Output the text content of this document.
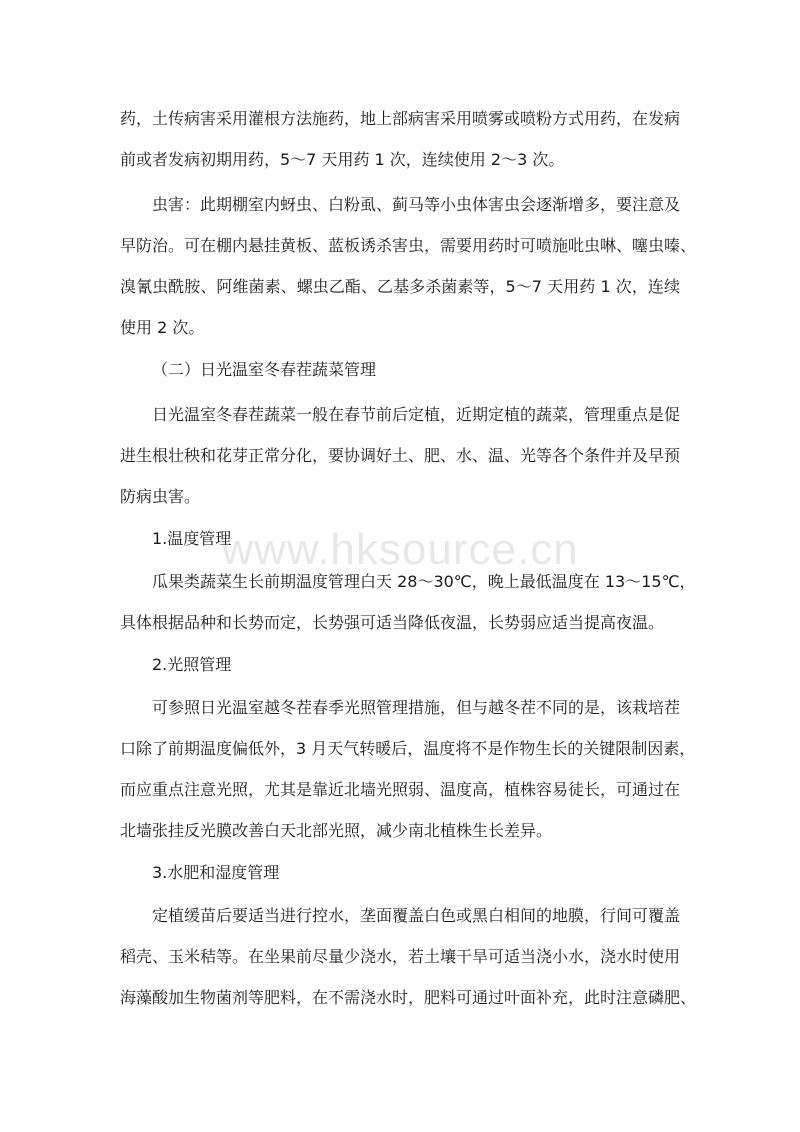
www.hksource.cn
药，土传病害采用灌根方法施药，地上部病害采用喷雾或喷粉方式用药，在发病
前或者发病初期用药，5～7 天用药 1 次，连续使用 2～3 次。
虫害：此期棚室内蚜虫、白粉虱、蓟马等小虫体害虫会逐渐增多，要注意及
早防治。可在棚内悬挂黄板、蓝板诱杀害虫，需要用药时可喷施吡虫啉、噻虫嗪、
溴氰虫酰胺、阿维菌素、螺虫乙酯、乙基多杀菌素等，5～7 天用药 1 次，连续
使用 2 次。
（二）日光温室冬春茬蔬菜管理
日光温室冬春茬蔬菜一般在春节前后定植，近期定植的蔬菜，管理重点是促
进生根壮秧和花芽正常分化，要协调好土、肥、水、温、光等各个条件并及早预
防病虫害。
1.温度管理
瓜果类蔬菜生长前期温度管理白天 28～30℃，晚上最低温度在 13～15℃，
具体根据品种和长势而定，长势强可适当降低夜温，长势弱应适当提高夜温。
2.光照管理
可参照日光温室越冬茬春季光照管理措施，但与越冬茬不同的是，该栽培茬
口除了前期温度偏低外，3 月天气转暖后，温度将不是作物生长的关键限制因素，
而应重点注意光照，尤其是靠近北墙光照弱、温度高，植株容易徒长，可通过在
北墙张挂反光膜改善白天北部光照，减少南北植株生长差异。
3.水肥和湿度管理
定植缓苗后要适当进行控水，垄面覆盖白色或黑白相间的地膜，行间可覆盖
稻壳、玉米秸等。在坐果前尽量少浇水，若土壤干旱可适当浇小水，浇水时使用
海藻酸加生物菌剂等肥料，在不需浇水时，肥料可通过叶面补充，此时注意磷肥、
